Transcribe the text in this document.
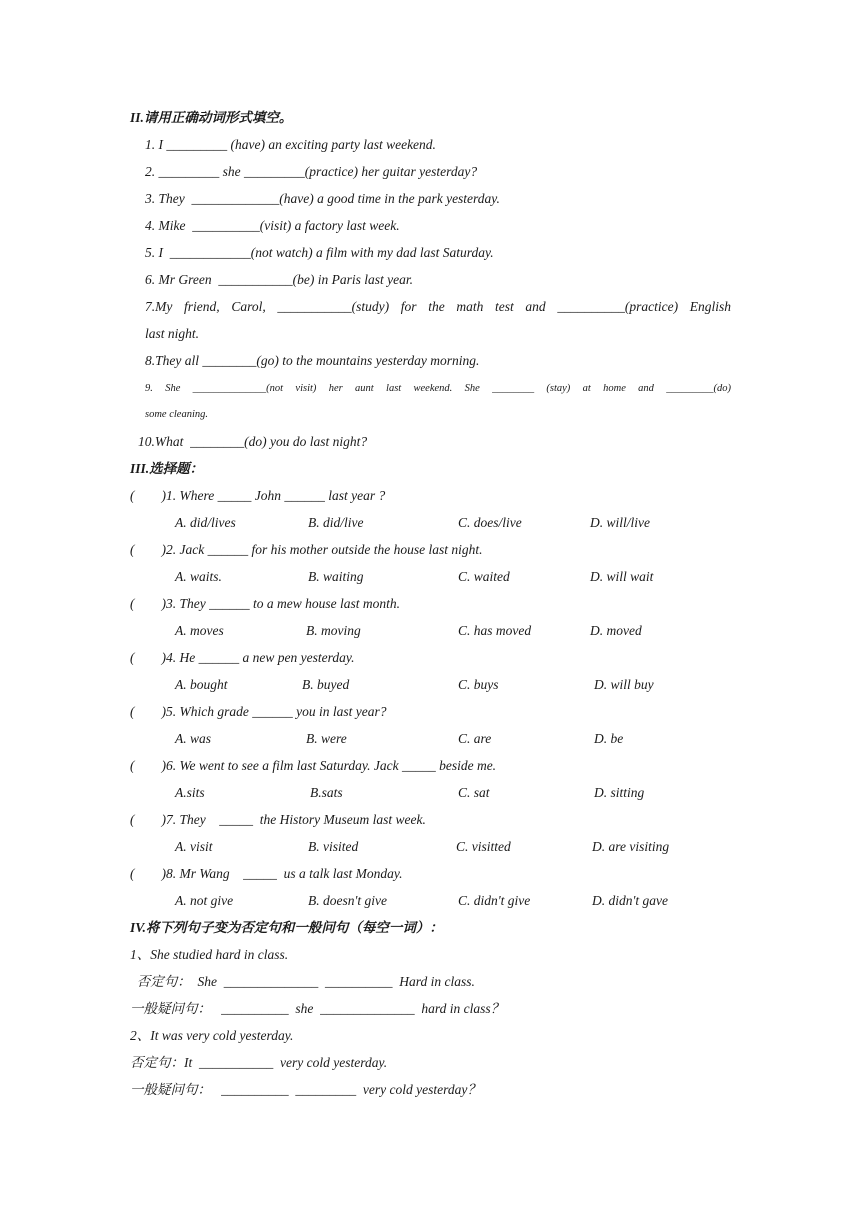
II.请用正确动词形式填空。
1. I _________ (have) an exciting party last weekend.
2. _________ she _________(practice) her guitar yesterday?
3. They  _____________(have) a good time in the park yesterday.
4. Mike  __________(visit) a factory last week.
5. I  ____________(not watch) a film with my dad last Saturday.
6. Mr Green  ___________(be) in Paris last year.
7.My friend, Carol, ___________(study) for the math test and __________(practice) English
last night.
8.They all ________(go) to the mountains yesterday morning.
9. She ______________(not visit) her aunt last weekend. She ________ (stay) at home and _________(do)
some cleaning.
10.What  ________(do) you do last night?
III.选择题：
(        )1. Where _____ John ______ last year ?
A. did/lives	B. did/live	C. does/live	D. will/live
(        )2. Jack ______ for his mother outside the house last night.
A. waits.	B. waiting	C. waited	D. will wait
(        )3. They ______ to a mew house last month.
A. moves	B. moving	C. has moved	D. moved
(        )4. He ______ a new pen yesterday.
A. bought	B. buyed	C. buys	D. will buy
(        )5. Which grade ______ you in last year?
A. was	B. were	C. are	D. be
(        )6. We went to see a film last Saturday. Jack _____ beside me.
A.sits	B.sats	C. sat	D. sitting
(        )7. They    _____  the History Museum last week.
A. visit	B. visited	C. visitted	D. are visiting
(        )8. Mr Wang    _____  us a talk last Monday.
A. not give	B. doesn't give	C. didn't give	D. didn't gave
IV.将下列句子变为否定句和一般问句（每空一词）：
1、She studied hard in class.
否定句：  She  ______________  __________  Hard in class.
一般疑问句：   __________  she  ______________  hard in class？
2、It was very cold yesterday.
否定句：It  ___________  very cold yesterday.
一般疑问句：   __________  _________  very cold yesterday？
